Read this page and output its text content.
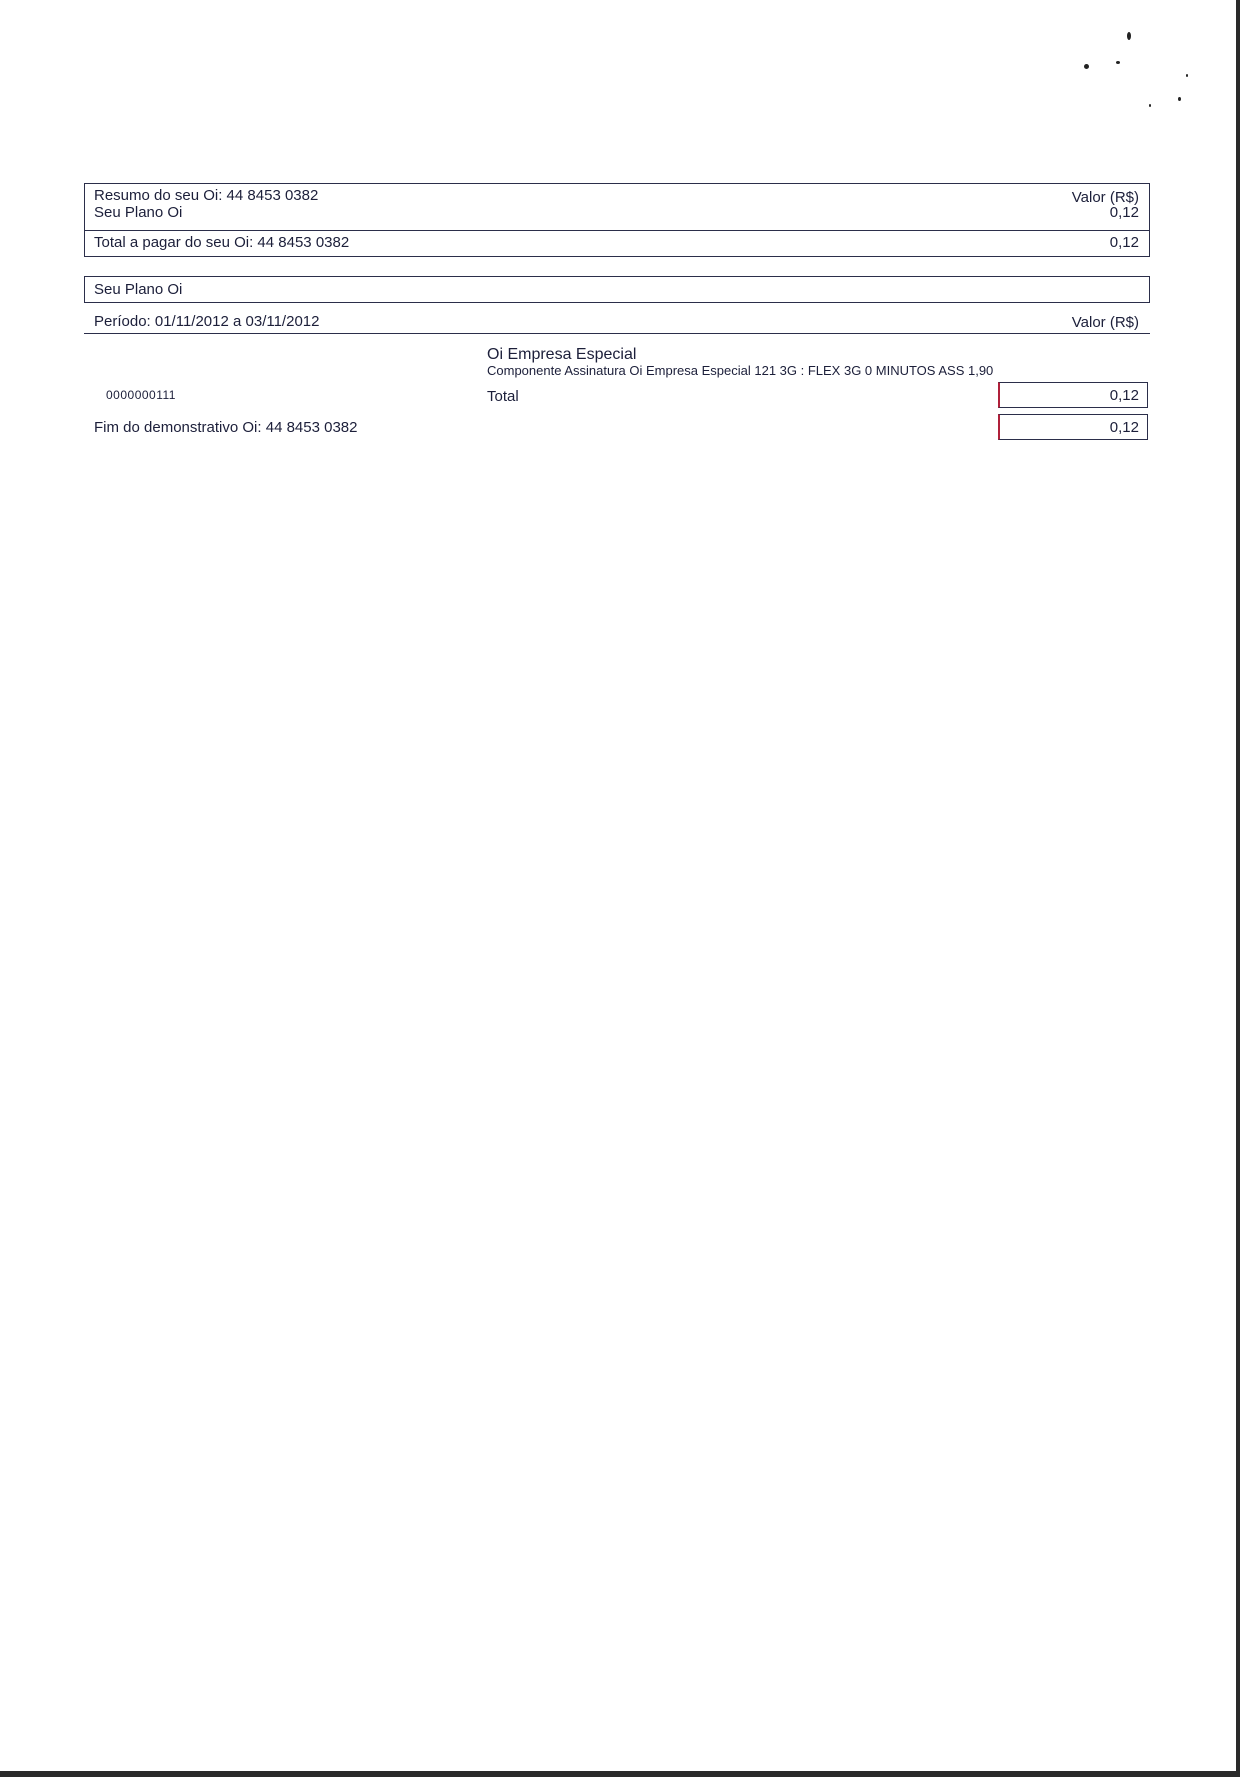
Resumo do seu Oi: 44 8453 0382	Valor (R$)
Seu Plano Oi	0,12
Total a pagar do seu Oi: 44 8453 0382	0,12
Seu Plano Oi
Período: 01/11/2012 a 03/11/2012	Valor (R$)
Oi Empresa Especial
Componente Assinatura Oi Empresa Especial 121 3G : FLEX 3G 0 MINUTOS ASS 1,90
0000000111	Total	0,12
Fim do demonstrativo Oi: 44 8453 0382	0,12
